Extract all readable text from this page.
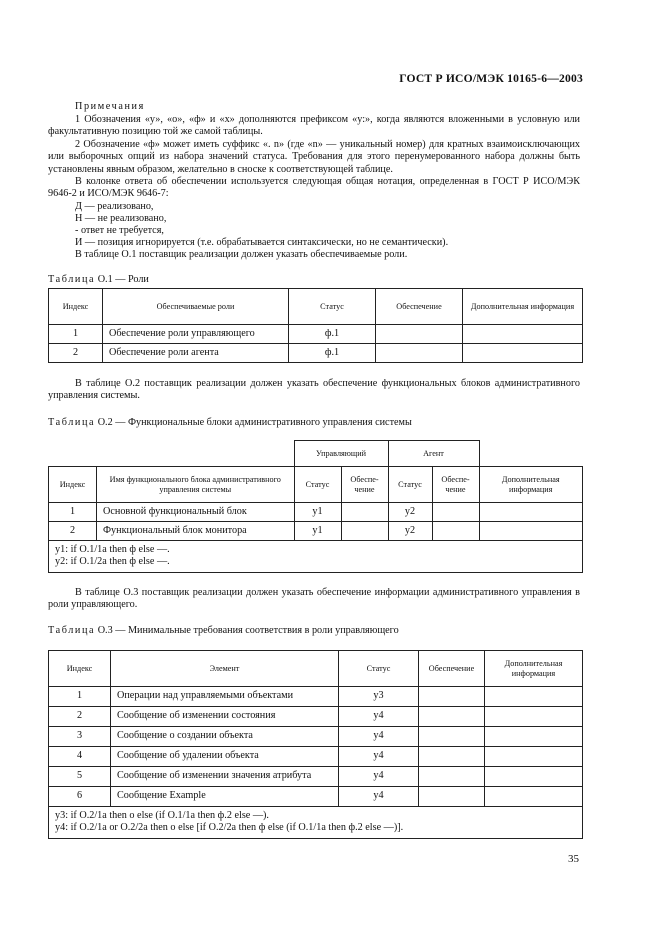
ГОСТ Р ИСО/МЭК 10165-6—2003
Примечания

1 Обозначения «у», «о», «ф» и «х» дополняются префиксом «у:», когда являются вложенными в условную или факультативную позицию той же самой таблицы.

2 Обозначение «ф» может иметь суффикс «. n» (где «n» — уникальный номер) для кратных взаимоисключающих или выборочных опций из набора значений статуса. Требования для этого перенумерованного набора должны быть установлены явным образом, желательно в сноске к соответствующей таблице.

В колонке ответа об обеспечении используется следующая общая нотация, определенная в ГОСТ Р ИСО/МЭК 9646-2 и ИСО/МЭК 9646-7:

Д — реализовано,
Н — не реализовано,
- ответ не требуется,
И — позиция игнорируется (т.е. обрабатывается синтаксически, но не семантически).
В таблице О.1 поставщик реализации должен указать обеспечиваемые роли.
Таблица О.1 — Роли
Индекс	Обеспечиваемые роли	Статус	Обеспечение	Дополнительная информация
1	Обеспечение роли управляющего	ф.1		
2	Обеспечение роли агента	ф.1		

В таблице О.2 поставщик реализации должен указать обеспечение функциональных блоков административного управления системы.

Таблица О.2 — Функциональные блоки административного управления системы
		Управляющий		Агент		
Индекс	Имя функционального блока административного управления системы	Статус	Обеспе-чение	Статус	Обеспе-чение	Дополнительная информация
1	Основной функциональный блок	у1		у2		
2	Функциональный блок монитора	у1		у2		

у1: if О.1/1а then ф else —.
у2: if О.1/2а then ф else —.						

В таблице О.3 поставщик реализации должен указать обеспечение информации административного управления в роли управляющего.

Таблица О.3 — Минимальные требования соответствия в роли управляющего
Индекс	Элемент	Статус	Обеспечение	Дополнительная информация
1	Операции над управляемыми объектами	у3		
2	Сообщение об изменении состояния	у4		
3	Сообщение о создании объекта	у4		
4	Сообщение об удалении объекта	у4		
5	Сообщение об изменении значения атрибута	у4		
6	Сообщение Example	у4		

у3: if О.2/1а then о else (if О.1/1а then ф.2 else —).
у4: if О.2/1а or О.2/2а then о else [if О.2/2а then ф else (if О.1/1а then ф.2 else —)].				
35
